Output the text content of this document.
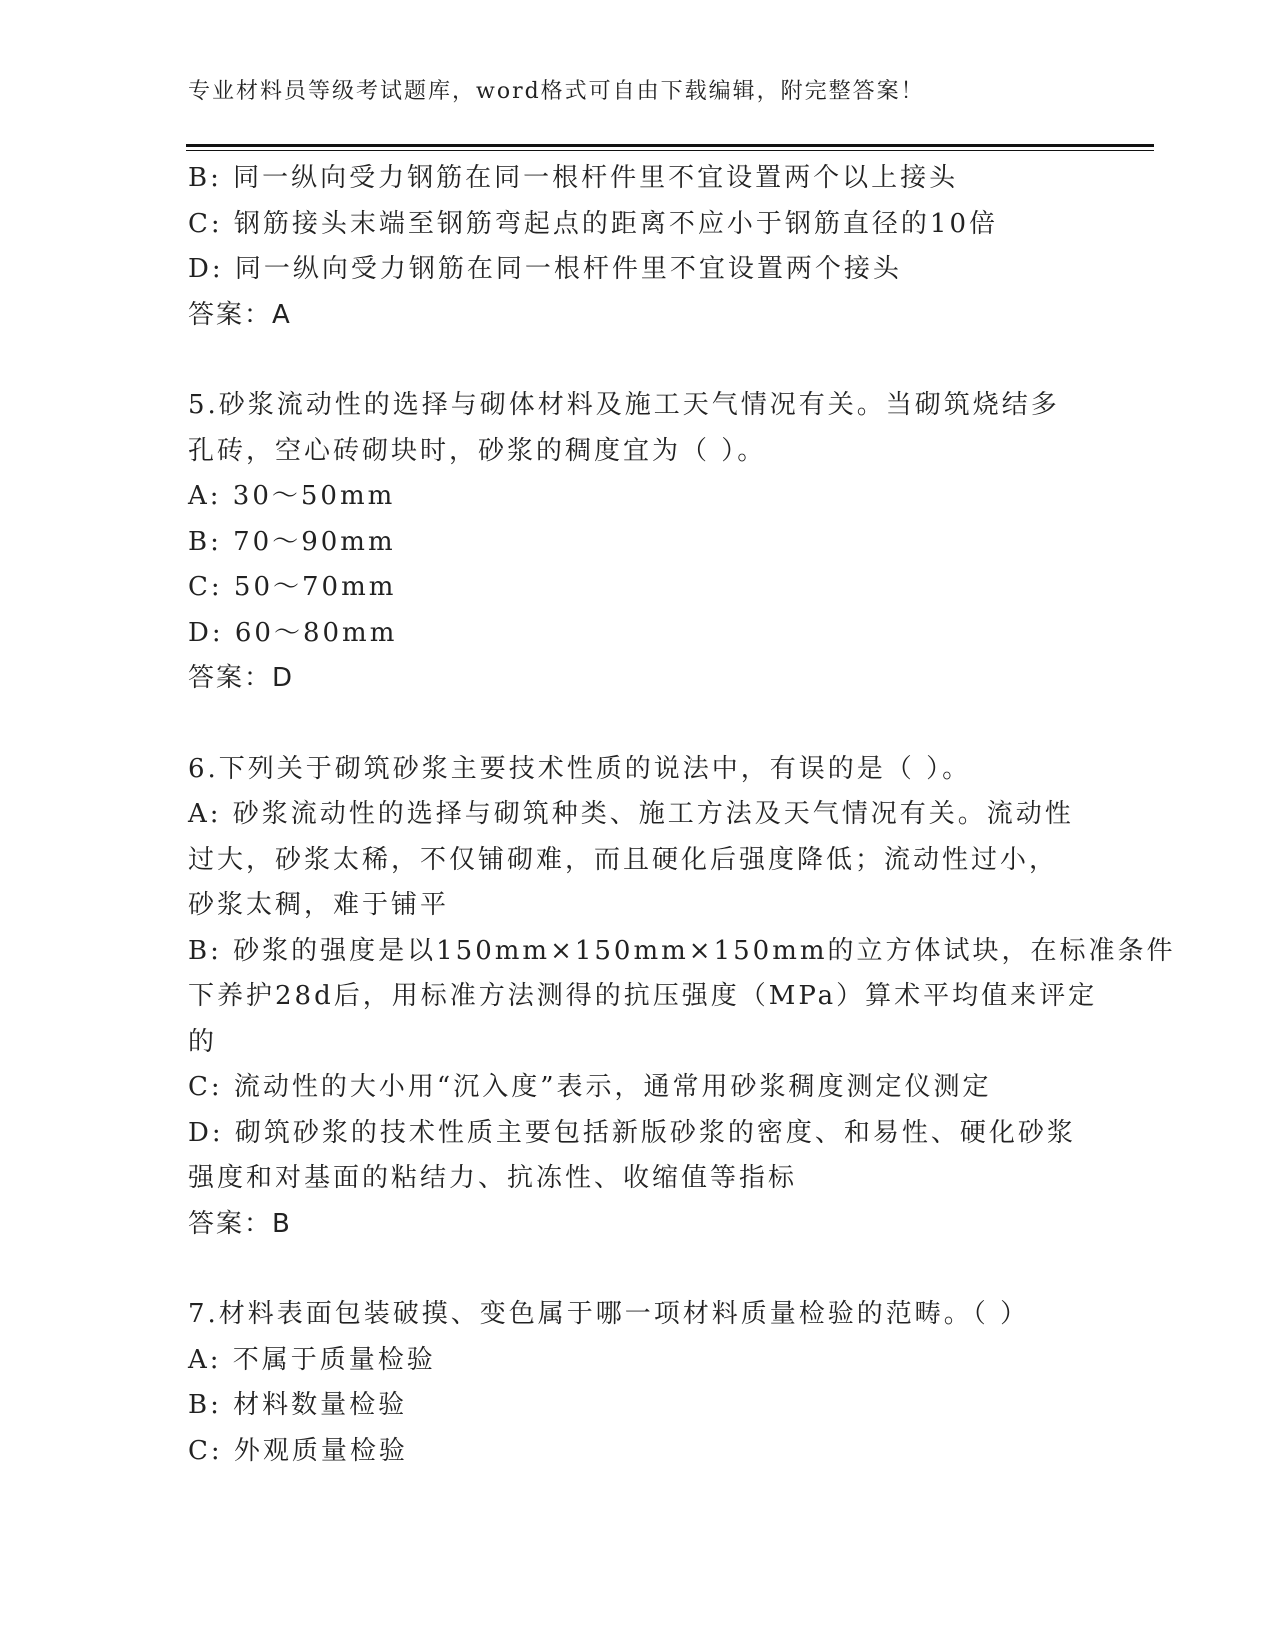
专业材料员等级考试题库，word格式可自由下载编辑，附完整答案！
B: 同一纵向受力钢筋在同一根杆件里不宜设置两个以上接头
C: 钢筋接头末端至钢筋弯起点的距离不应小于钢筋直径的10倍
D: 同一纵向受力钢筋在同一根杆件里不宜设置两个接头
答案：A
5.砂浆流动性的选择与砌体材料及施工天气情况有关。当砌筑烧结多
孔砖，空心砖砌块时，砂浆的稠度宜为（ ）。
A: 30～50mm
B: 70～90mm
C: 50～70mm
D: 60～80mm
答案：D
6.下列关于砌筑砂浆主要技术性质的说法中，有误的是（ ）。
A: 砂浆流动性的选择与砌筑种类、施工方法及天气情况有关。流动性
过大，砂浆太稀，不仅铺砌难，而且硬化后强度降低；流动性过小，
砂浆太稠，难于铺平
B: 砂浆的强度是以150mm×150mm×150mm的立方体试块，在标准条件
下养护28d后，用标准方法测得的抗压强度（MPa）算术平均值来评定
的
C: 流动性的大小用“沉入度”表示，通常用砂浆稠度测定仪测定
D: 砌筑砂浆的技术性质主要包括新版砂浆的密度、和易性、硬化砂浆
强度和对基面的粘结力、抗冻性、收缩值等指标
答案：B
7.材料表面包装破摸、变色属于哪一项材料质量检验的范畴。（ ）
A: 不属于质量检验
B: 材料数量检验
C: 外观质量检验
